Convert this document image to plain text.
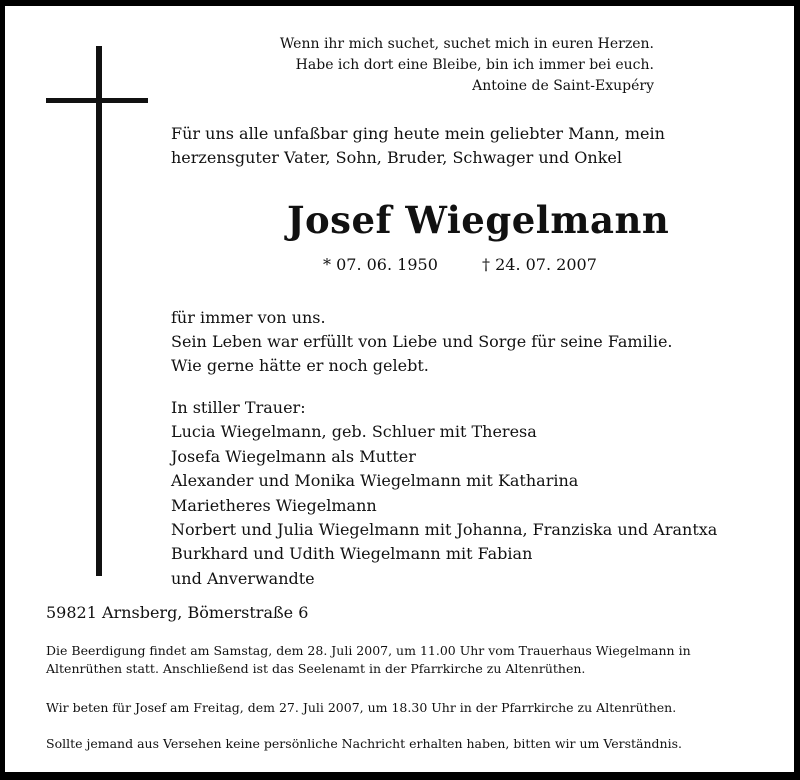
Wenn ihr mich suchet, suchet mich in euren Herzen.
Habe ich dort eine Bleibe, bin ich immer bei euch.
Antoine de Saint-Exupéry
Für uns alle unfaßbar ging heute mein geliebter Mann, mein
herzensguter Vater, Sohn, Bruder, Schwager und Onkel
Josef Wiegelmann
* 07. 06. 1950	† 24. 07. 2007
für immer von uns.
Sein Leben war erfüllt von Liebe und Sorge für seine Familie.
Wie gerne hätte er noch gelebt.
In stiller Trauer:
Lucia Wiegelmann, geb. Schluer mit Theresa
Josefa Wiegelmann als Mutter
Alexander und Monika Wiegelmann mit Katharina
Marietheres Wiegelmann
Norbert und Julia Wiegelmann mit Johanna, Franziska und Arantxa
Burkhard und Udith Wiegelmann mit Fabian
und Anverwandte
59821 Arnsberg, Bömerstraße 6
Die Beerdigung findet am Samstag, dem 28. Juli 2007, um 11.00 Uhr vom Trauerhaus Wiegelmann in
Altenrüthen statt. Anschließend ist das Seelenamt in der Pfarrkirche zu Altenrüthen.
Wir beten für Josef am Freitag, dem 27. Juli 2007, um 18.30 Uhr in der Pfarrkirche zu Altenrüthen.
Sollte jemand aus Versehen keine persönliche Nachricht erhalten haben, bitten wir um Verständnis.
